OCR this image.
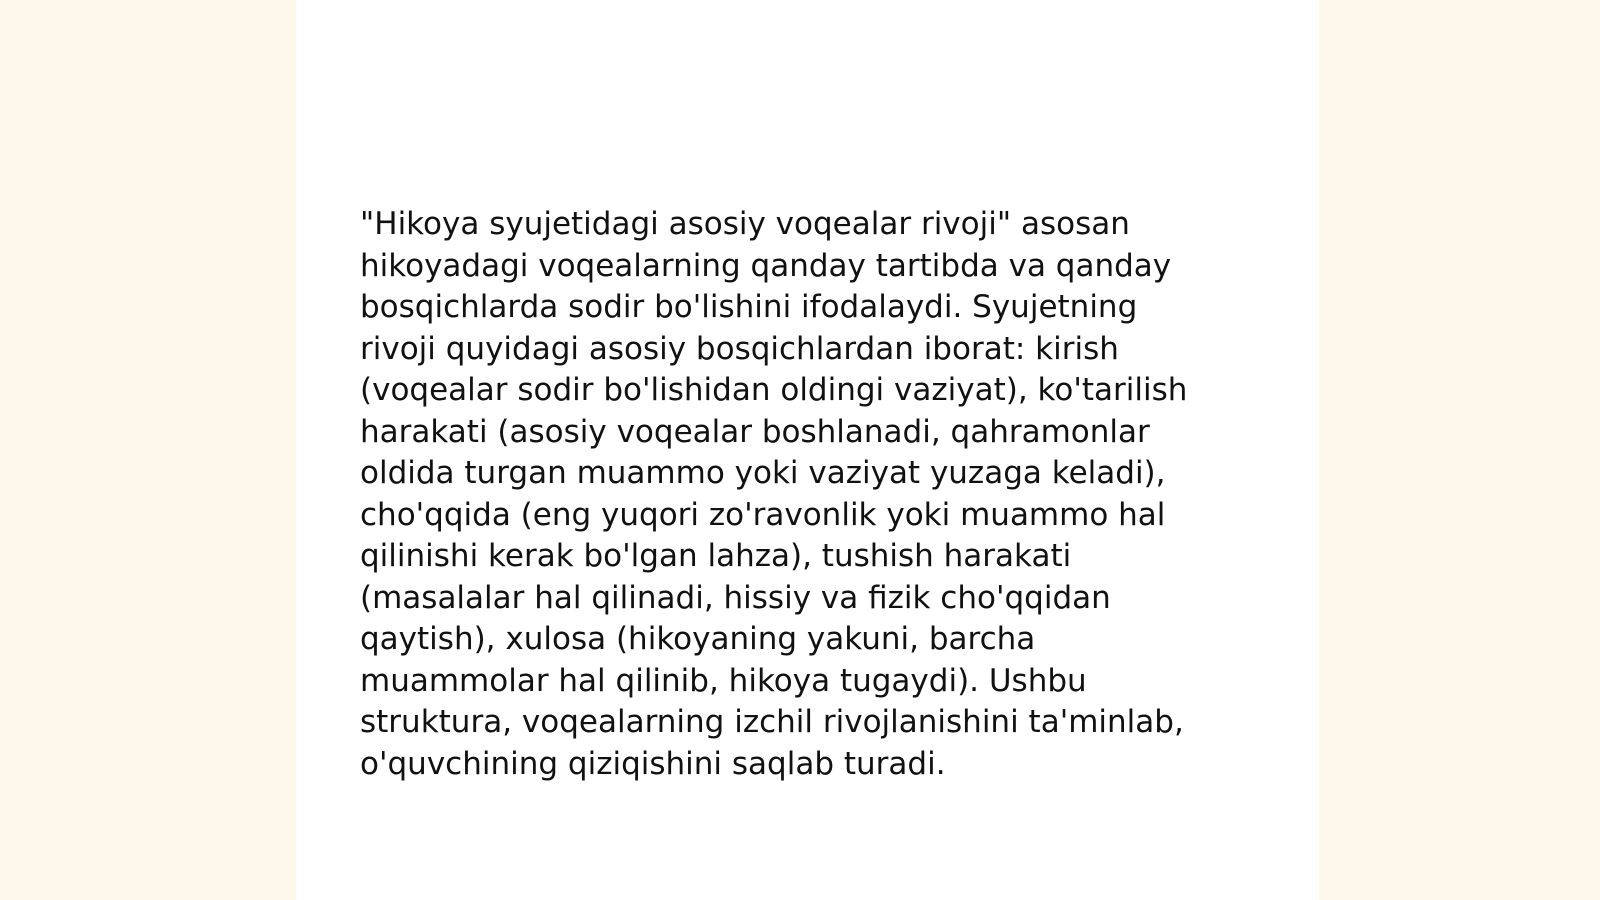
"Hikoya syujetidagi asosiy voqealar rivoji" asosan
hikoyadagi voqealarning qanday tartibda va qanday
bosqichlarda sodir bo'lishini ifodalaydi. Syujetning
rivoji quyidagi asosiy bosqichlardan iborat: kirish
(voqealar sodir bo'lishidan oldingi vaziyat), ko'tarilish
harakati (asosiy voqealar boshlanadi, qahramonlar
oldida turgan muammo yoki vaziyat yuzaga keladi),
cho'qqida (eng yuqori zo'ravonlik yoki muammo hal
qilinishi kerak bo'lgan lahza), tushish harakati
(masalalar hal qilinadi, hissiy va fizik cho'qqidan
qaytish), xulosa (hikoyaning yakuni, barcha
muammolar hal qilinib, hikoya tugaydi). Ushbu
struktura, voqealarning izchil rivojlanishini ta'minlab,
o'quvchining qiziqishini saqlab turadi.
